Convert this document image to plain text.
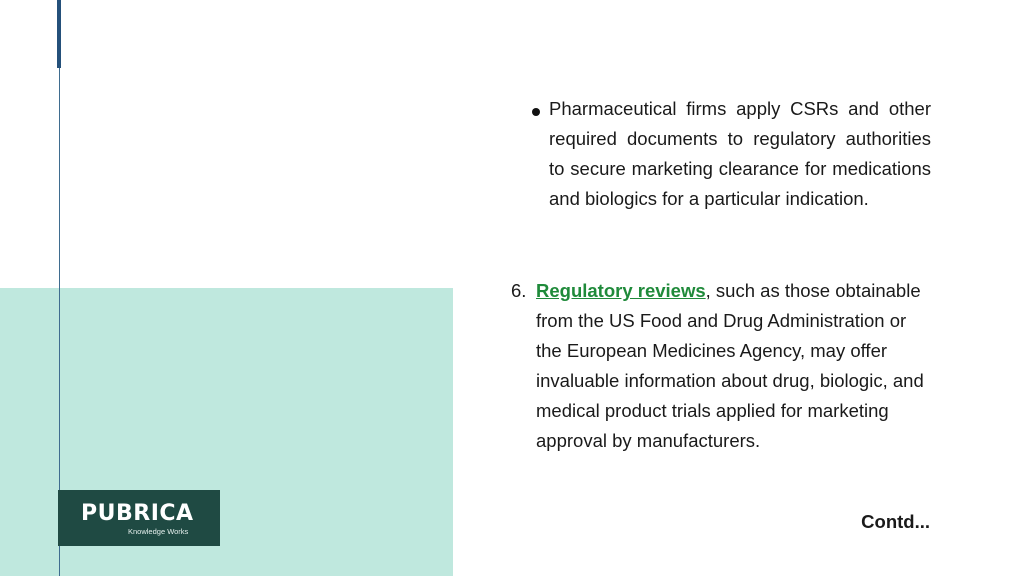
PUBRICA
Knowledge Works
Pharmaceutical firms apply CSRs and other required documents to regulatory authorities to secure marketing clearance for medications and biologics for a particular indication.
6. Regulatory reviews, such as those obtainable from the US Food and Drug Administration or the European Medicines Agency, may offer invaluable information about drug, biologic, and medical product trials applied for marketing approval by manufacturers.
Contd...
